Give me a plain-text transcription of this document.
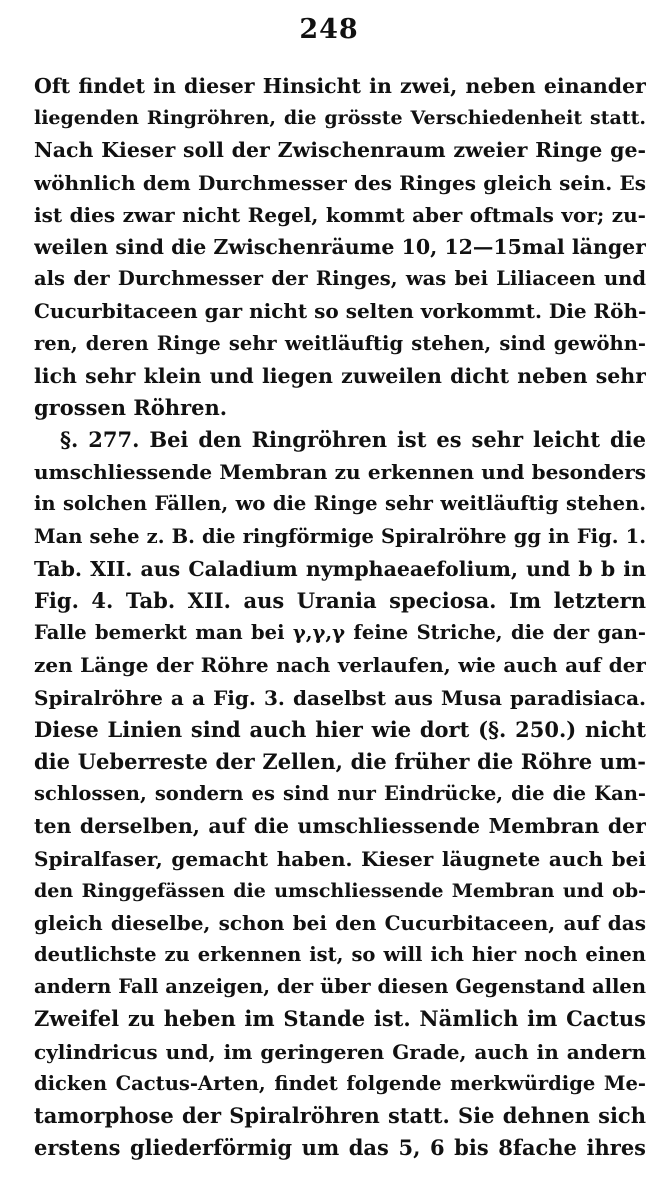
248
Oft findet in dieser Hinsicht in zwei, neben einander
liegenden Ringröhren, die grösste Verschiedenheit statt.
Nach Kieser soll der Zwischenraum zweier Ringe ge-
wöhnlich dem Durchmesser des Ringes gleich sein. Es
ist dies zwar nicht Regel, kommt aber oftmals vor; zu-
weilen sind die Zwischenräume 10, 12—15mal länger
als der Durchmesser der Ringes, was bei Liliaceen und
Cucurbitaceen gar nicht so selten vorkommt. Die Röh-
ren, deren Ringe sehr weitläuftig stehen, sind gewöhn-
lich sehr klein und liegen zuweilen dicht neben sehr
grossen Röhren.
§. 277. Bei den Ringröhren ist es sehr leicht die
umschliessende Membran zu erkennen und besonders
in solchen Fällen, wo die Ringe sehr weitläuftig stehen.
Man sehe z. B. die ringförmige Spiralröhre gg in Fig. 1.
Tab. XII. aus Caladium nymphaeaefolium, und b b in
Fig. 4. Tab. XII. aus Urania speciosa. Im letztern
Falle bemerkt man bei γ,γ,γ feine Striche, die der gan-
zen Länge der Röhre nach verlaufen, wie auch auf der
Spiralröhre a a Fig. 3. daselbst aus Musa paradisiaca.
Diese Linien sind auch hier wie dort (§. 250.) nicht
die Ueberreste der Zellen, die früher die Röhre um-
schlossen, sondern es sind nur Eindrücke, die die Kan-
ten derselben, auf die umschliessende Membran der
Spiralfaser, gemacht haben. Kieser läugnete auch bei
den Ringgefässen die umschliessende Membran und ob-
gleich dieselbe, schon bei den Cucurbitaceen, auf das
deutlichste zu erkennen ist, so will ich hier noch einen
andern Fall anzeigen, der über diesen Gegenstand allen
Zweifel zu heben im Stande ist. Nämlich im Cactus
cylindricus und, im geringeren Grade, auch in andern
dicken Cactus-Arten, findet folgende merkwürdige Me-
tamorphose der Spiralröhren statt. Sie dehnen sich
erstens gliederförmig um das 5, 6 bis 8fache ihres
